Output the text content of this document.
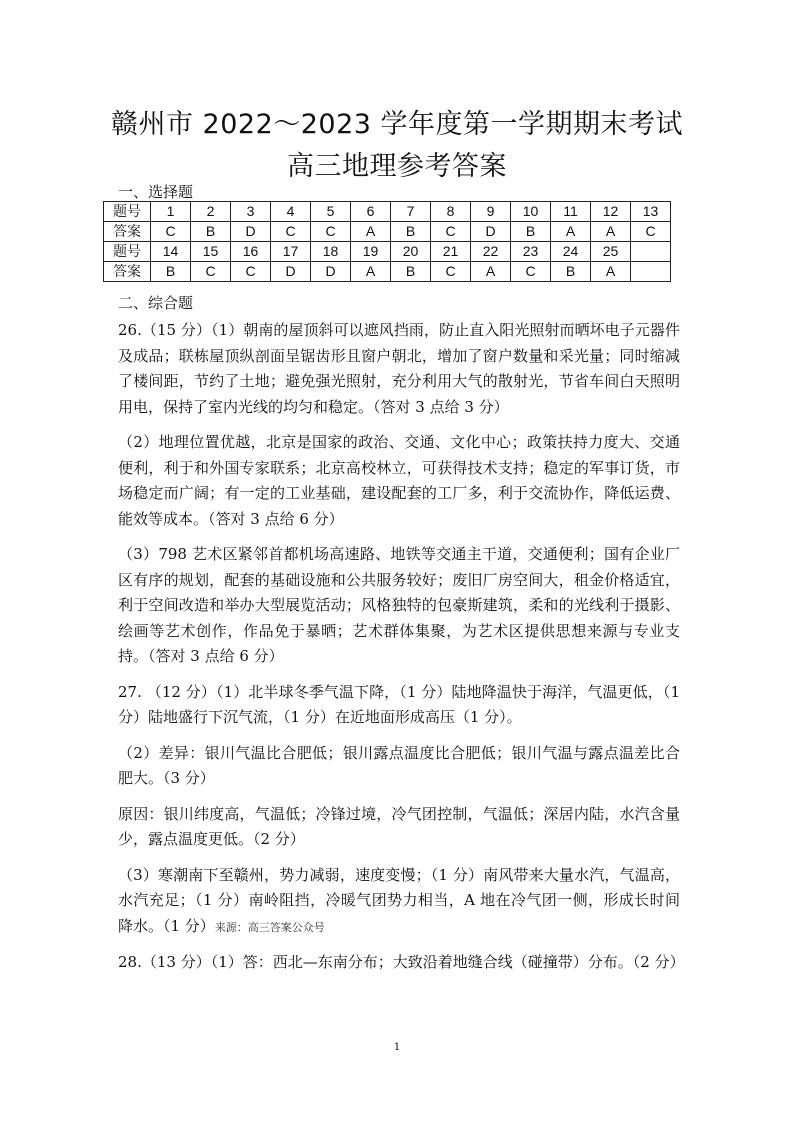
赣州市 2022～2023 学年度第一学期期末考试
高三地理参考答案
一、选择题
题号	1	2	3	4	5	6	7	8	9	10	11	12	13
答案	C	B	D	C	C	A	B	C	D	B	A	A	C
题号	14	15	16	17	18	19	20	21	22	23	24	25	
答案	B	C	C	D	D	A	B	C	A	C	B	A	
二、综合题

26.（15 分）（1）朝南的屋顶斜可以遮风挡雨，防止直入阳光照射而晒坏电子元器件及成品；联栋屋顶纵剖面呈锯齿形且窗户朝北，增加了窗户数量和采光量；同时缩减了楼间距，节约了土地；避免强光照射，充分利用大气的散射光，节省车间白天照明用电，保持了室内光线的均匀和稳定。（答对 3 点给 3 分）

（2）地理位置优越，北京是国家的政治、交通、文化中心；政策扶持力度大、交通便利，利于和外国专家联系；北京高校林立，可获得技术支持；稳定的军事订货，市场稳定而广阔；有一定的工业基础，建设配套的工厂多，利于交流协作，降低运费、能效等成本。（答对 3 点给 6 分）

（3）798 艺术区紧邻首都机场高速路、地铁等交通主干道，交通便利；国有企业厂区有序的规划，配套的基础设施和公共服务较好；废旧厂房空间大，租金价格适宜，利于空间改造和举办大型展览活动；风格独特的包豪斯建筑，柔和的光线利于摄影、绘画等艺术创作，作品免于暴晒；艺术群体集聚，为艺术区提供思想来源与专业支持。（答对 3 点给 6 分）

27. （12 分）（1）北半球冬季气温下降，（1 分）陆地降温快于海洋，气温更低，（1 分）陆地盛行下沉气流，（1 分）在近地面形成高压（1 分）。

（2）差异：银川气温比合肥低；银川露点温度比合肥低；银川气温与露点温差比合肥大。（3 分）

原因：银川纬度高，气温低；冷锋过境，冷气团控制，气温低；深居内陆，水汽含量少，露点温度更低。（2 分）

（3）寒潮南下至赣州，势力减弱，速度变慢；（1 分）南风带来大量水汽，气温高，水汽充足；（1 分）南岭阻挡，冷暖气团势力相当，A 地在冷气团一侧，形成长时间降水。（1 分）来源：高三答案公众号

28.（13 分）（1）答：西北—东南分布；大致沿着地缝合线（碰撞带）分布。（2 分）

1
